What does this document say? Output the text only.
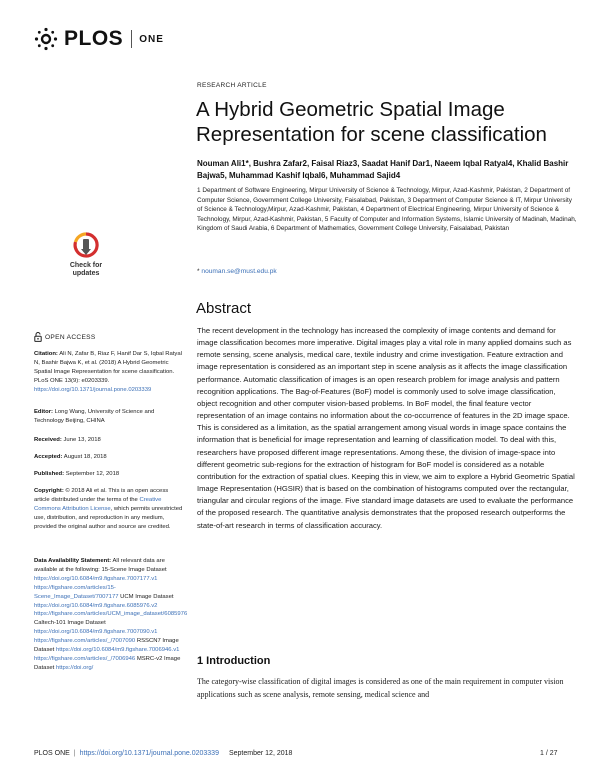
PLOS ONE
RESEARCH ARTICLE
A Hybrid Geometric Spatial Image Representation for scene classification
Nouman Ali1*, Bushra Zafar2, Faisal Riaz3, Saadat Hanif Dar1, Naeem Iqbal Ratyal4, Khalid Bashir Bajwa5, Muhammad Kashif Iqbal6, Muhammad Sajid4
1 Department of Software Engineering, Mirpur University of Science & Technology, Mirpur, Azad-Kashmir, Pakistan, 2 Department of Computer Science, Government College University, Faisalabad, Pakistan, 3 Department of Computer Science & IT, Mirpur University of Science & Technology,Mirpur, Azad-Kashmir, Pakistan, 4 Department of Electrical Engineering, Mirpur University of Science & Technology, Mirpur, Azad-Kashmir, Pakistan, 5 Faculty of Computer and Information Systems, Islamic University of Madinah, Madinah, Kingdom of Saudi Arabia, 6 Department of Mathematics, Government College University, Faisalabad, Pakistan
* nouman.se@must.edu.pk
Abstract
The recent development in the technology has increased the complexity of image contents and demand for image classification becomes more imperative. Digital images play a vital role in many applied domains such as remote sensing, scene analysis, medical care, textile industry and crime investigation. Feature extraction and image representation is considered as an important step in scene analysis as it affects the image classification performance. Automatic classification of images is an open research problem for image analysis and pattern recognition applications. The Bag-of-Features (BoF) model is commonly used to solve image classification, object recognition and other computer vision-based problems. In BoF model, the final feature vector representation of an image contains no information about the co-occurrence of features in the 2D image space. This is considered as a limitation, as the spatial arrangement among visual words in image space contains the information that is beneficial for image representation and learning of classification model. To deal with this, researchers have proposed different image representations. Among these, the division of image-space into different geometric sub-regions for the extraction of histogram for BoF model is considered as a notable contribution for the extraction of spatial clues. Keeping this in view, we aim to explore a Hybrid Geometric Spatial Image Representation (HGSIR) that is based on the combination of histograms computed over the rectangular, triangular and circular regions of the image. Five standard image datasets are used to evaluate the performance of the proposed research. The quantitative analysis demonstrates that the proposed research outperforms the state-of-art research in terms of classification accuracy.
1 Introduction
The category-wise classification of digital images is considered as one of the main requirement in computer vision applications such as scene analysis, remote sensing, medical science and
Check for updates
OPEN ACCESS
Citation: Ali N, Zafar B, Riaz F, Hanif Dar S, Iqbal Ratyal N, Bashir Bajwa K, et al. (2018) A Hybrid Geometric Spatial Image Representation for scene classification. PLoS ONE 13(9): e0203339. https://doi.org/10.1371/journal.pone.0203339
Editor: Long Wang, University of Science and Technology Beijing, CHINA
Received: June 13, 2018
Accepted: August 18, 2018
Published: September 12, 2018
Copyright: © 2018 Ali et al. This is an open access article distributed under the terms of the Creative Commons Attribution License, which permits unrestricted use, distribution, and reproduction in any medium, provided the original author and source are credited.
Data Availability Statement: All relevant data are available at the following: 15-Scene Image Dataset https://doi.org/10.6084/m9.figshare.7007177.v1 https://figshare.com/articles/15-Scene_Image_Dataset/7007177 UCM Image Dataset https://doi.org/10.6084/m9.figshare.6085976.v2 https://figshare.com/articles/UCM_image_dataset/6085976 Caltech-101 Image Dataset https://doi.org/10.6084/m9.figshare.7007090.v1 https://figshare.com/articles/_/7007090 RSSCN7 Image Dataset https://doi.org/10.6084/m9.figshare.7006946.v1 https://figshare.com/articles/_/7006946 MSRC-v2 Image Dataset https://doi.org/
PLOS ONE | https://doi.org/10.1371/journal.pone.0203339 September 12, 2018	1 / 27
